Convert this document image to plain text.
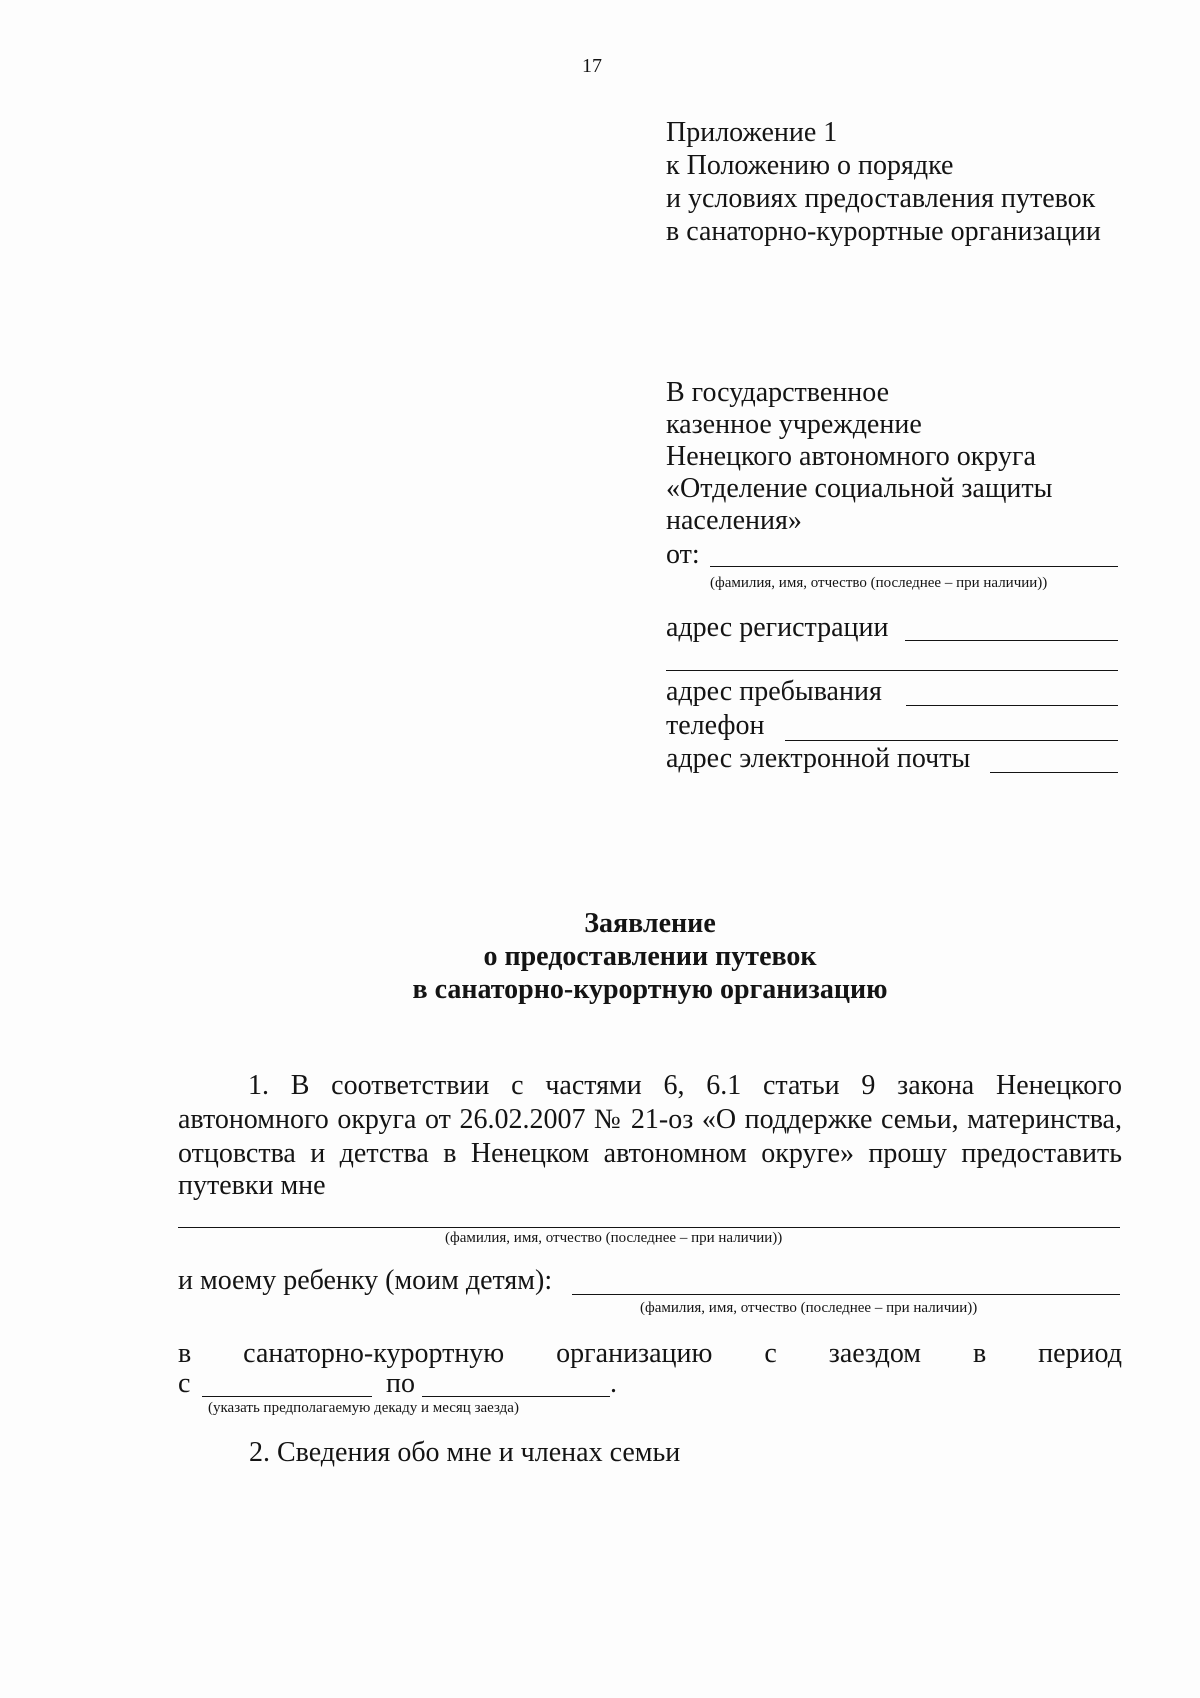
17
Приложение 1
к Положению о порядке
и условиях предоставления путевок
в санаторно-курортные организации
В государственное
казенное учреждение
Ненецкого автономного округа
«Отделение социальной защиты
населения»
от:
(фамилия, имя, отчество (последнее – при наличии))
адрес регистрации
адрес пребывания
телефон
адрес электронной почты
Заявление
о предоставлении путевок
в санаторно-курортную организацию
1. В соответствии с частями 6, 6.1 статьи 9 закона Ненецкого
автономного округа от 26.02.2007 № 21-оз «О поддержке семьи, материнства,
отцовства и детства в Ненецком автономном округе» прошу предоставить
путевки мне
(фамилия, имя, отчество (последнее – при наличии))
и моему ребенку (моим детям):
(фамилия, имя, отчество (последнее – при наличии))
в санаторно-курортную организацию с заездом в период
с	по	.
(указать предполагаемую декаду и месяц заезда)
2. Сведения обо мне и членах семьи
